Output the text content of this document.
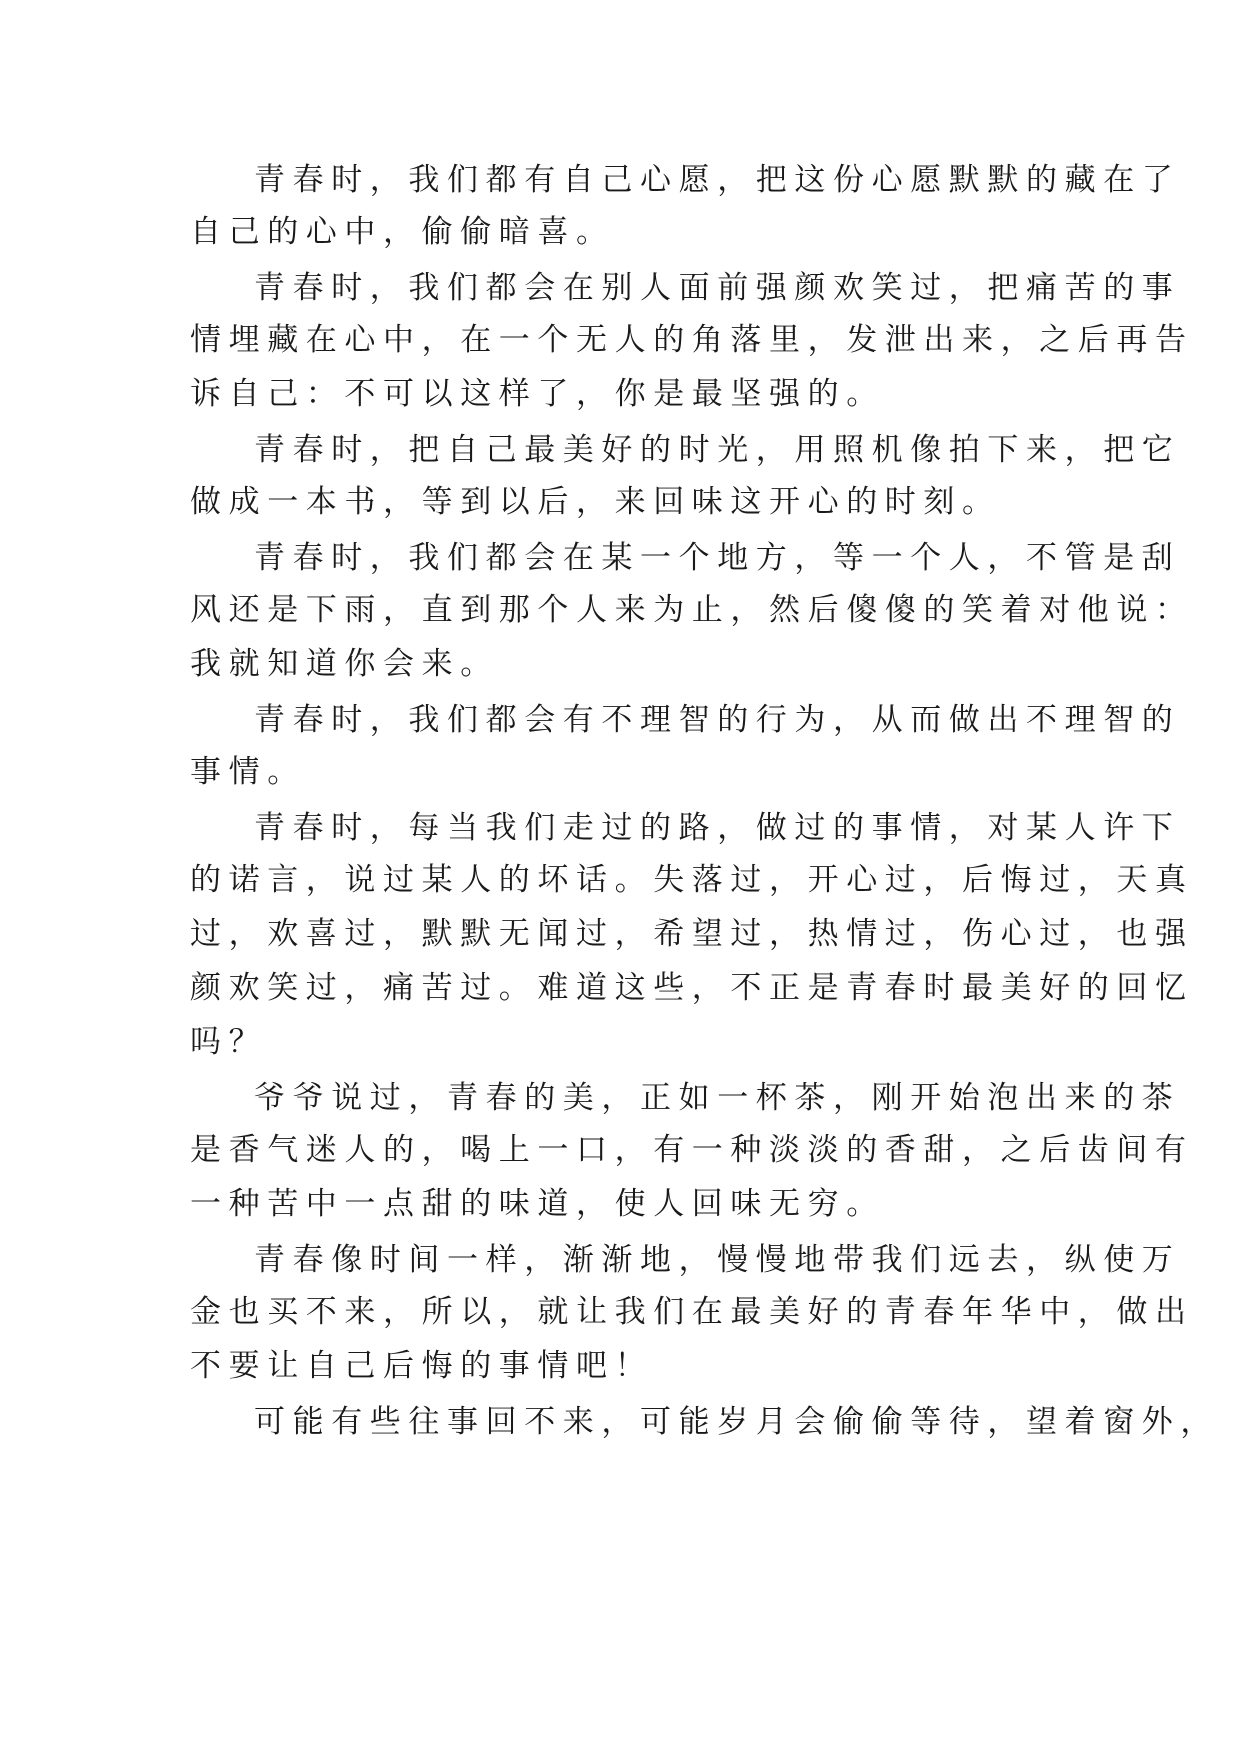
青春时，我们都有自己心愿，把这份心愿默默的藏在了
自己的心中，偷偷暗喜。
青春时，我们都会在别人面前强颜欢笑过，把痛苦的事
情埋藏在心中，在一个无人的角落里，发泄出来，之后再告
诉自己：不可以这样了，你是最坚强的。
青春时，把自己最美好的时光，用照机像拍下来，把它
做成一本书，等到以后，来回味这开心的时刻。
青春时，我们都会在某一个地方，等一个人，不管是刮
风还是下雨，直到那个人来为止，然后傻傻的笑着对他说：
我就知道你会来。
青春时，我们都会有不理智的行为，从而做出不理智的
事情。
青春时，每当我们走过的路，做过的事情，对某人许下
的诺言，说过某人的坏话。失落过，开心过，后悔过，天真
过，欢喜过，默默无闻过，希望过，热情过，伤心过，也强
颜欢笑过，痛苦过。难道这些，不正是青春时最美好的回忆
吗？
爷爷说过，青春的美，正如一杯茶，刚开始泡出来的茶
是香气迷人的，喝上一口，有一种淡淡的香甜，之后齿间有
一种苦中一点甜的味道，使人回味无穷。
青春像时间一样，渐渐地，慢慢地带我们远去，纵使万
金也买不来，所以，就让我们在最美好的青春年华中，做出
不要让自己后悔的事情吧！
可能有些往事回不来，可能岁月会偷偷等待，望着窗外，
